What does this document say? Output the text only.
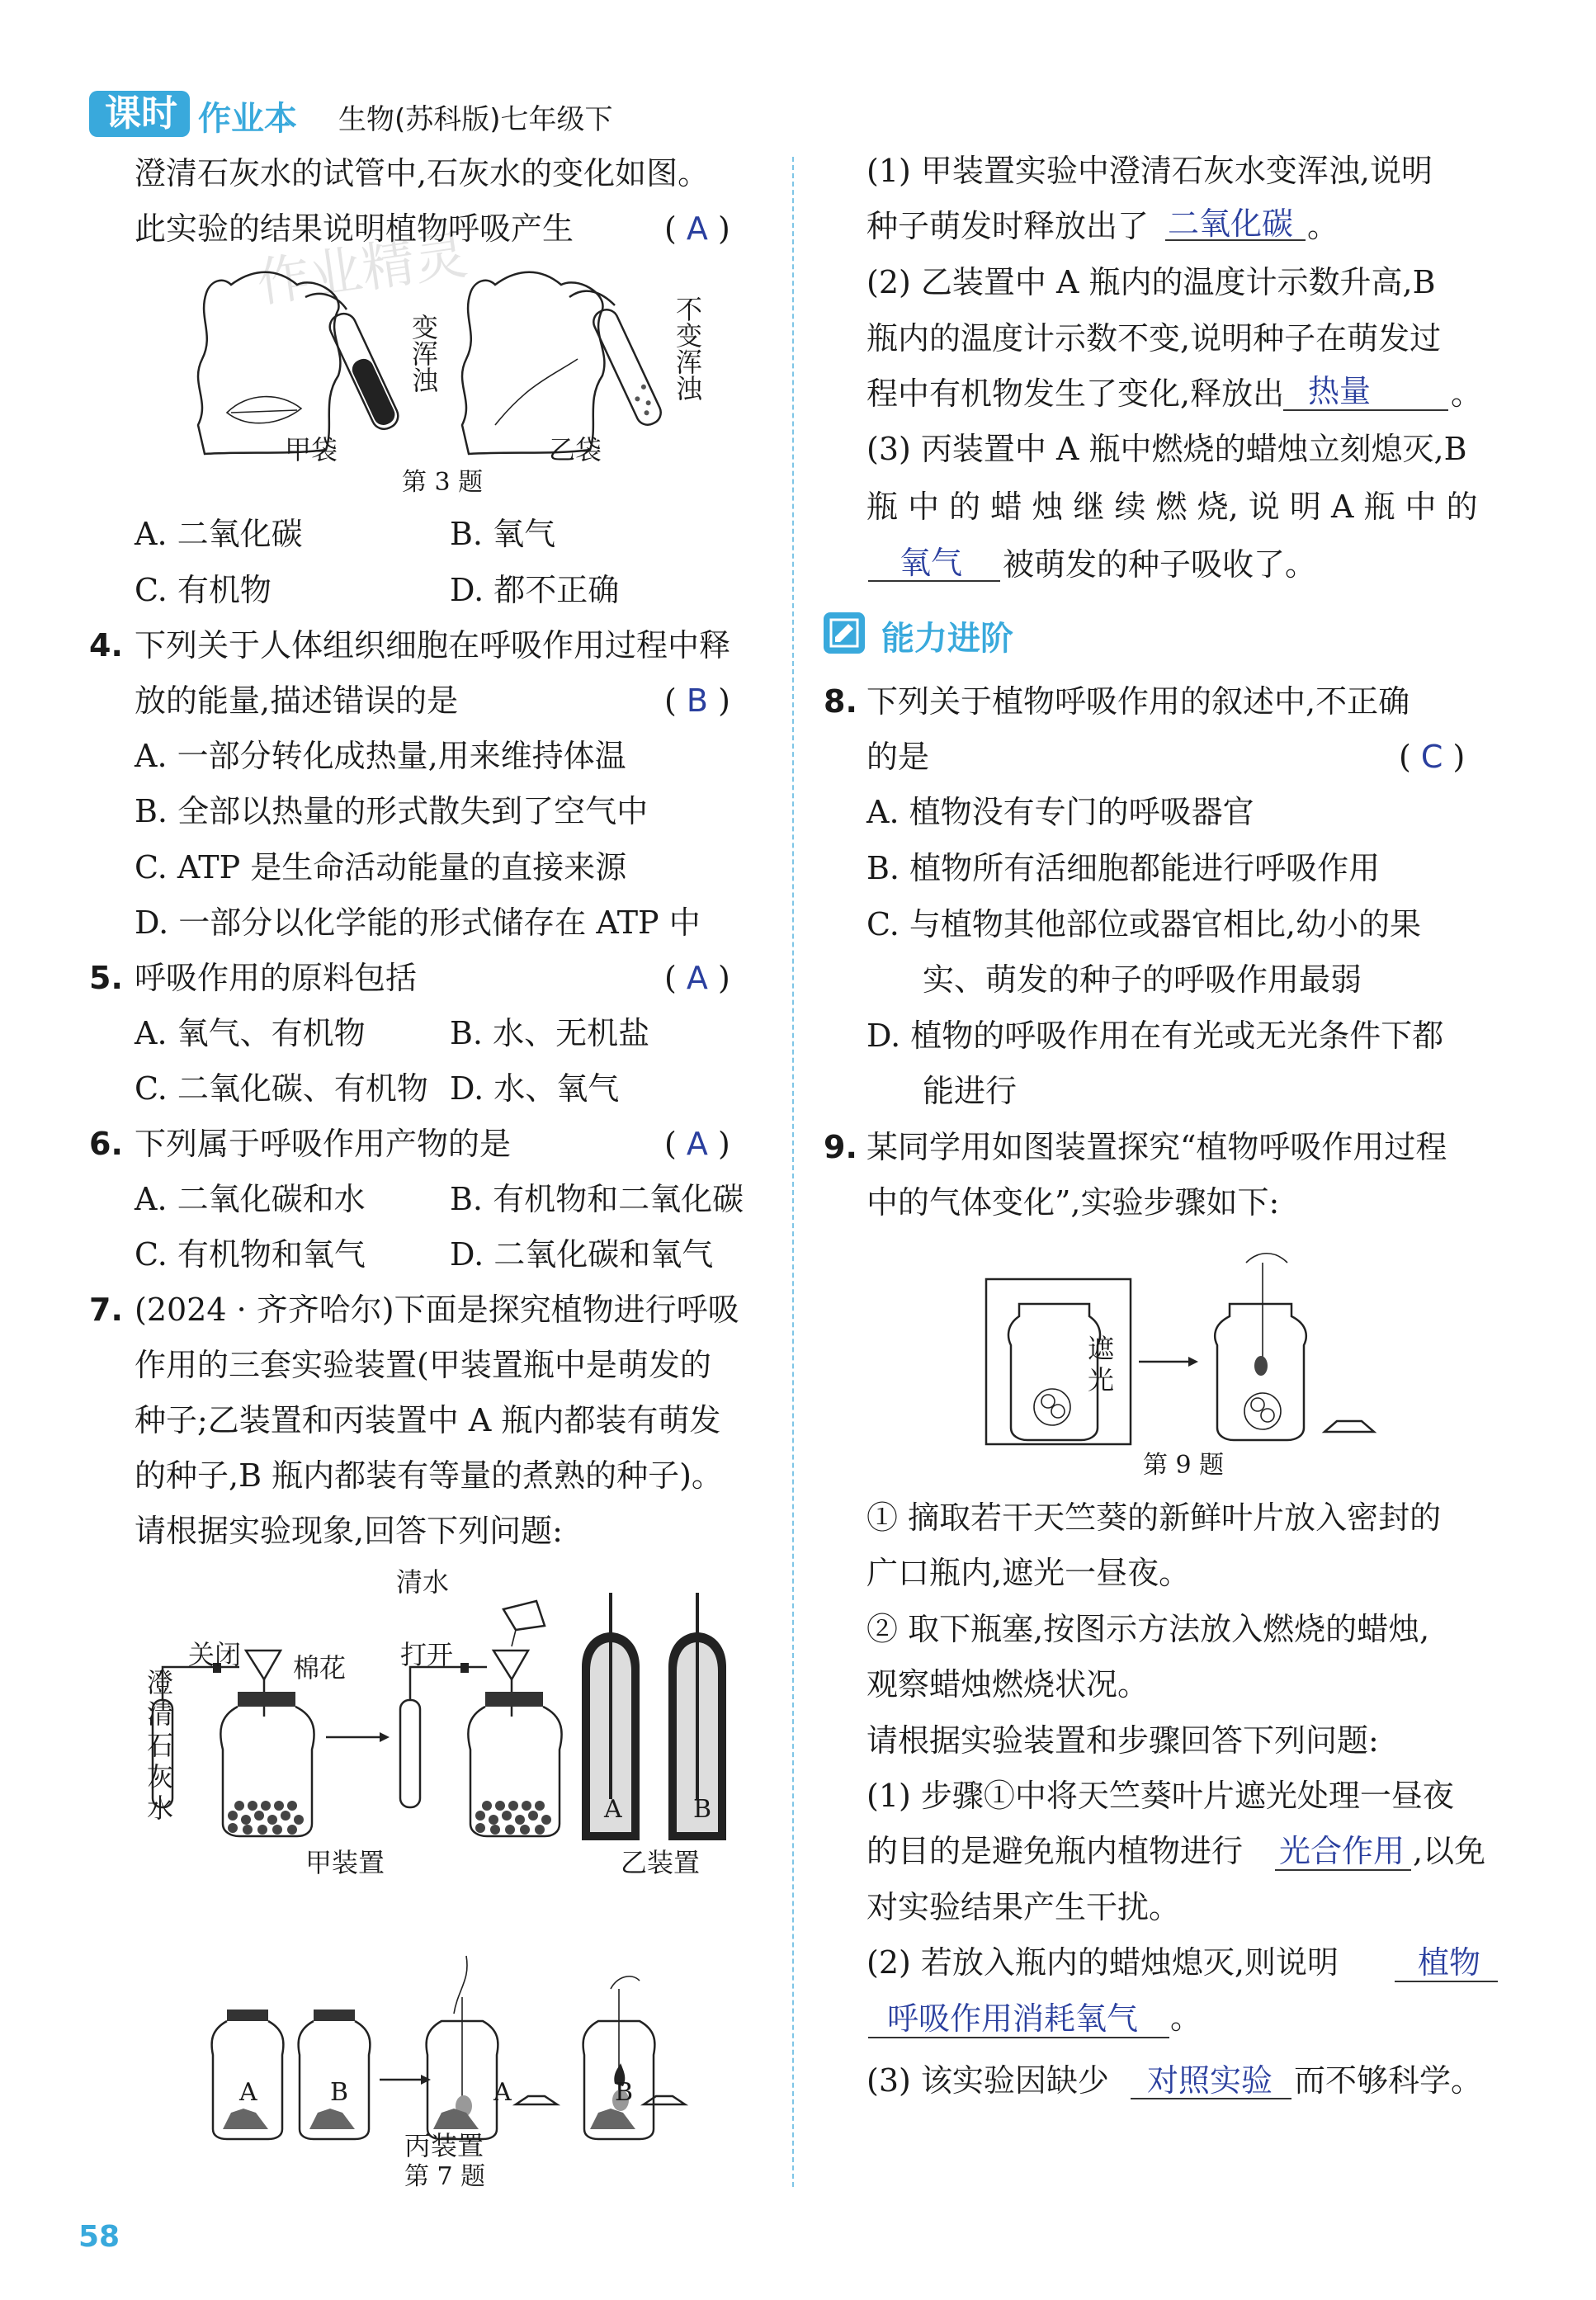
课时 作业本 生物(苏科版)七年级下
作业精灵
澄清石灰水的试管中,石灰水的变化如图。
此实验的结果说明植物呼吸产生	( A )
变浑浊	不变浑浊
甲袋	乙袋
第 3 题
A. 二氧化碳	B. 氧气
C. 有机物	D. 都不正确
4. 下列关于人体组织细胞在呼吸作用过程中释
放的能量,描述错误的是	( B )
A. 一部分转化成热量,用来维持体温
B. 全部以热量的形式散失到了空气中
C. ATP 是生命活动能量的直接来源
D. 一部分以化学能的形式储存在 ATP 中
5. 呼吸作用的原料包括	( A )
A. 氧气、有机物	B. 水、无机盐
C. 二氧化碳、有机物 D. 水、氧气
6. 下列属于呼吸作用产物的是	( A )
A. 二氧化碳和水	B. 有机物和二氧化碳
C. 有机物和氧气	D. 二氧化碳和氧气
7. (2024 · 齐齐哈尔)下面是探究植物进行呼吸
作用的三套实验装置(甲装置瓶中是萌发的
种子;乙装置和丙装置中 A 瓶内都装有萌发
的种子,B 瓶内都装有等量的煮熟的种子)。
请根据实验现象,回答下列问题:
清水
关闭 棉花 打开
澄
清
石
灰
水	A	B
甲装置	乙装置
A	B	A	B
丙装置
第 7 题
(1) 甲装置实验中澄清石灰水变浑浊,说明
种子萌发时释放出了 二氧化碳 。
(2) 乙装置中 A 瓶内的温度计示数升高,B
瓶内的温度计示数不变,说明种子在萌发过
程中有机物发生了变化,释放出 热量	。
(3) 丙装置中 A 瓶中燃烧的蜡烛立刻熄灭,B
瓶 中 的 蜡 烛 继 续 燃 烧, 说 明 A 瓶 中 的
氧气 被萌发的种子吸收了。
能力进阶
8. 下列关于植物呼吸作用的叙述中,不正确
的是	( C )
A. 植物没有专门的呼吸器官
B. 植物所有活细胞都能进行呼吸作用
C. 与植物其他部位或器官相比,幼小的果
实、萌发的种子的呼吸作用最弱
D. 植物的呼吸作用在有光或无光条件下都
能进行
9. 某同学用如图装置探究“植物呼吸作用过程
中的气体变化”,实验步骤如下:
遮
光
第 9 题
① 摘取若干天竺葵的新鲜叶片放入密封的
广口瓶内,遮光一昼夜。
② 取下瓶塞,按图示方法放入燃烧的蜡烛,
观察蜡烛燃烧状况。
请根据实验装置和步骤回答下列问题:
(1) 步骤①中将天竺葵叶片遮光处理一昼夜
的目的是避免瓶内植物进行 光合作用 ,以免
对实验结果产生干扰。
(2) 若放入瓶内的蜡烛熄灭,则说明	植物
呼吸作用消耗氧气 。
(3) 该实验因缺少 对照实验 而不够科学。
58
